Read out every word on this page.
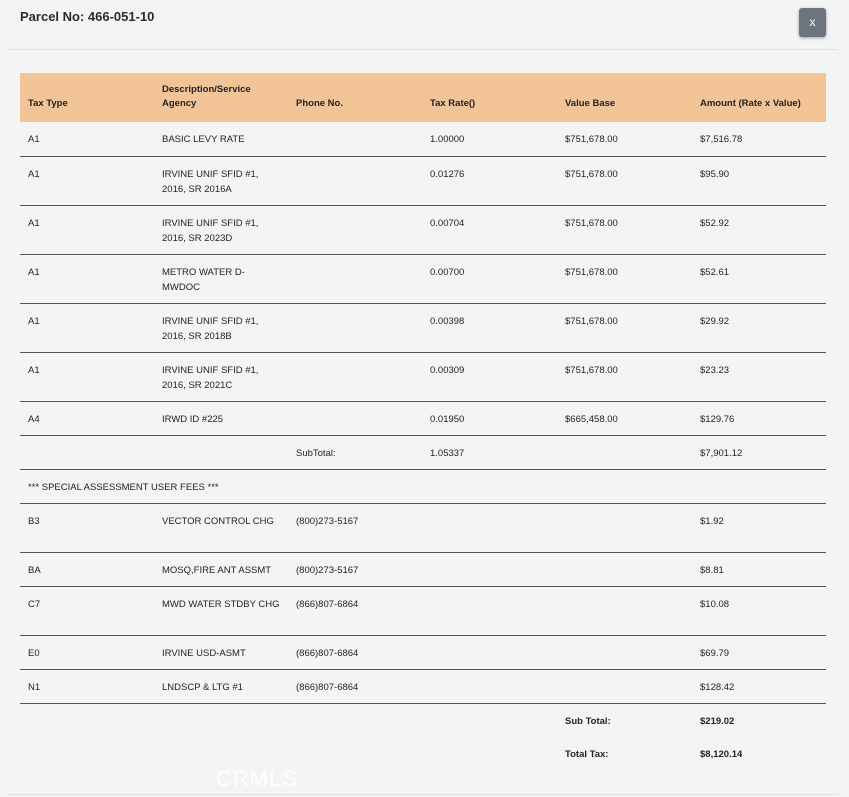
Parcel No: 466-051-10	x
Tax Type	Description/Service Agency	Phone No.	Tax Rate()	Value Base	Amount (Rate x Value)
A1	BASIC LEVY RATE		1.00000	$751,678.00	$7,516.78
A1	IRVINE UNIF SFID #1, 2016, SR 2016A		0.01276	$751,678.00	$95.90
A1	IRVINE UNIF SFID #1, 2016, SR 2023D		0.00704	$751,678.00	$52.92
A1	METRO WATER D-MWDOC		0.00700	$751,678.00	$52.61
A1	IRVINE UNIF SFID #1, 2016, SR 2018B		0.00398	$751,678.00	$29.92
A1	IRVINE UNIF SFID #1, 2016, SR 2021C		0.00309	$751,678.00	$23.23
A4	IRWD ID #225		0.01950	$665,458.00	$129.76
		SubTotal:	1.05337		$7,901.12
*** SPECIAL ASSESSMENT USER FEES ***					
B3	VECTOR CONTROL CHG	(800)273-5167			$1.92
BA	MOSQ,FIRE ANT ASSMT	(800)273-5167			$8.81
C7	MWD WATER STDBY CHG	(866)807-6864			$10.08
E0	IRVINE USD-ASMT	(866)807-6864			$69.79
N1	LNDSCP & LTG #1	(866)807-6864			$128.42
				Sub Total:	$219.02
				Total Tax:	$8,120.14
CRMLS
